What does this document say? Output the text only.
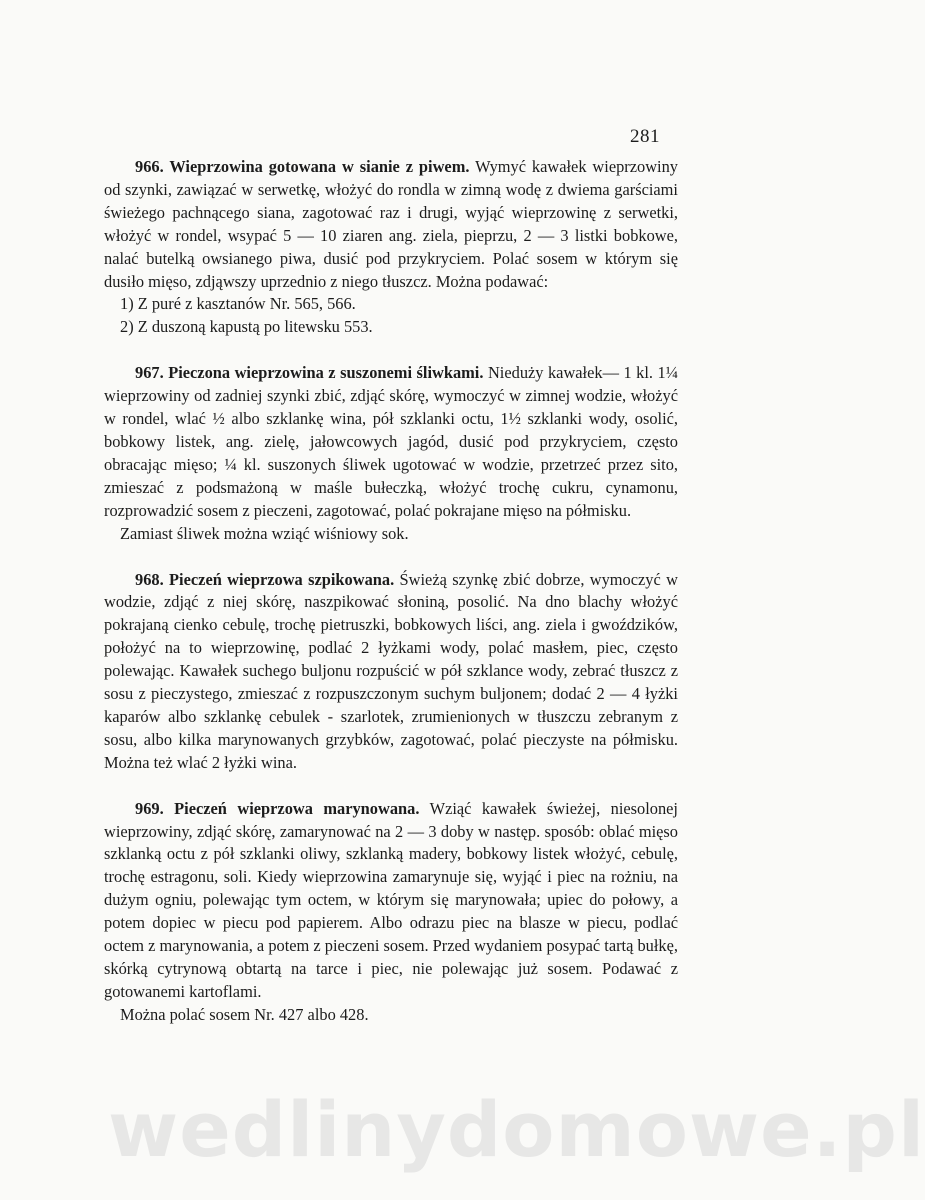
281

966. Wieprzowina gotowana w sianie z piwem. Wymyć kawałek wieprzowiny od szynki, zawiązać w serwetkę, włożyć do rondla w zimną wodę z dwiema garściami świeżego pachnącego siana, zagotować raz i drugi, wyjąć wieprzowinę z serwetki, włożyć w rondel, wsypać 5 — 10 ziaren ang. ziela, pieprzu, 2 — 3 listki bobkowe, nalać butelką owsianego piwa, dusić pod przykryciem. Polać sosem w którym się dusiło mięso, zdjąwszy uprzednio z niego tłuszcz. Można podawać:

1) Z puré z kasztanów Nr. 565, 566.

2) Z duszoną kapustą po litewsku 553.

967. Pieczona wieprzowina z suszonemi śliwkami. Nieduży kawałek— 1 kl. 1¼ wieprzowiny od zadniej szynki zbić, zdjąć skórę, wymoczyć w zimnej wodzie, włożyć w rondel, wlać ½ albo szklankę wina, pół szklanki octu, 1½ szklanki wody, osolić, bobkowy listek, ang. zielę, jałowcowych jagód, dusić pod przykryciem, często obracając mięso; ¼ kl. suszonych śliwek ugotować w wodzie, przetrzeć przez sito, zmieszać z podsmażoną w maśle bułeczką, włożyć trochę cukru, cynamonu, rozprowadzić sosem z pieczeni, zagotować, polać pokrajane mięso na półmisku.

Zamiast śliwek można wziąć wiśniowy sok.

968. Pieczeń wieprzowa szpikowana. Świeżą szynkę zbić dobrze, wymoczyć w wodzie, zdjąć z niej skórę, naszpikować słoniną, posolić. Na dno blachy włożyć pokrajaną cienko cebulę, trochę pietruszki, bobkowych liści, ang. ziela i gwoździków, położyć na to wieprzowinę, podlać 2 łyżkami wody, polać masłem, piec, często polewając. Kawałek suchego buljonu rozpuścić w pół szklance wody, zebrać tłuszcz z sosu z pieczystego, zmieszać z rozpuszczonym suchym buljonem; dodać 2 — 4 łyżki kaparów albo szklankę cebulek - szarlotek, zrumienionych w tłuszczu zebranym z sosu, albo kilka marynowanych grzybków, zagotować, polać pieczyste na półmisku. Można też wlać 2 łyżki wina.

969. Pieczeń wieprzowa marynowana. Wziąć kawałek świeżej, niesolonej wieprzowiny, zdjąć skórę, zamarynować na 2 — 3 doby w następ. sposób: oblać mięso szklanką octu z pół szklanki oliwy, szklanką madery, bobkowy listek włożyć, cebulę, trochę estragonu, soli. Kiedy wieprzowina zamarynuje się, wyjąć i piec na rożniu, na dużym ogniu, polewając tym octem, w którym się marynowała; upiec do połowy, a potem dopiec w piecu pod papierem. Albo odrazu piec na blasze w piecu, podlać octem z marynowania, a potem z pieczeni sosem. Przed wydaniem posypać tartą bułkę, skórką cytrynową obtartą na tarce i piec, nie polewając już sosem. Podawać z gotowanemi kartoflami.

Można polać sosem Nr. 427 albo 428.

wedlinydomowe.pl
